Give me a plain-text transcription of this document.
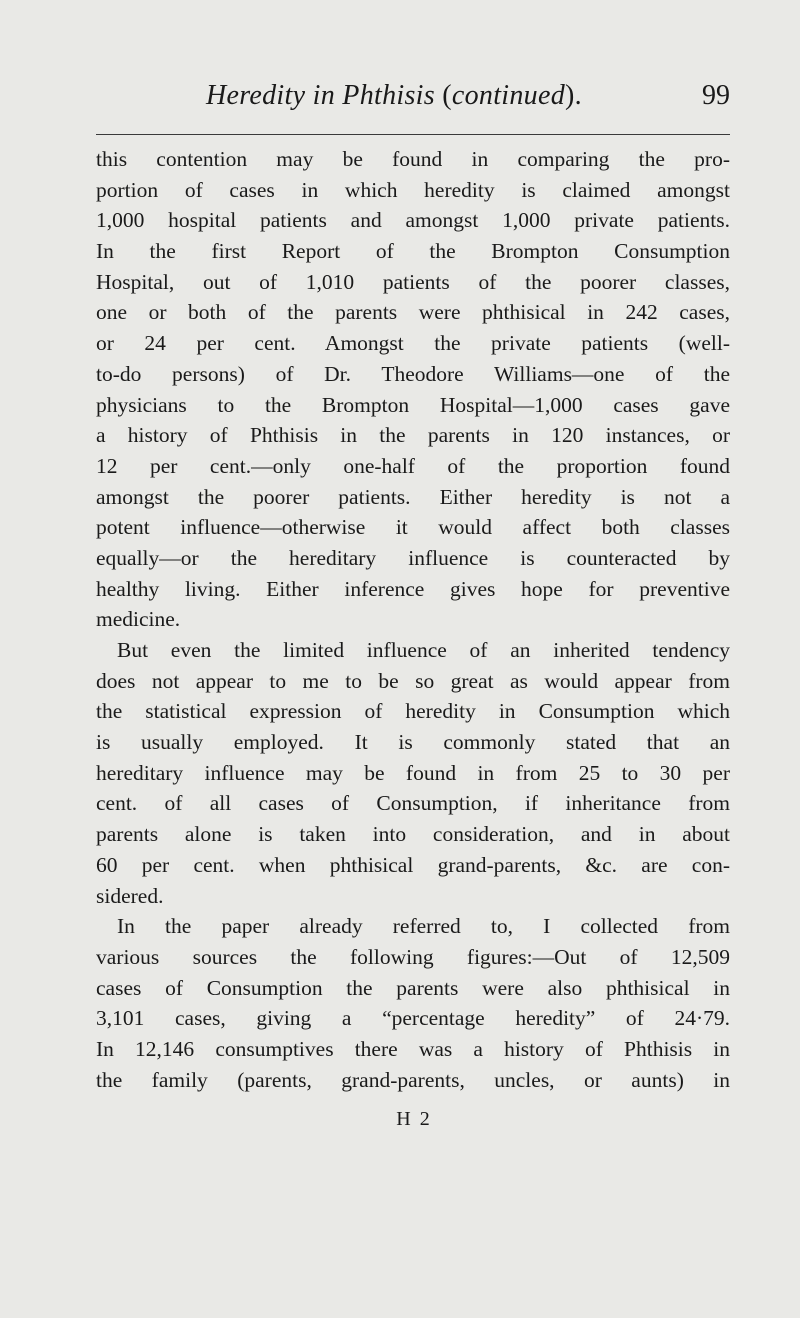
Heredity in Phthisis (continued).	99
this contention may be found in comparing the pro-
portion of cases in which heredity is claimed amongst
1,000 hospital patients and amongst 1,000 private patients.
In the first Report of the Brompton Consumption
Hospital, out of 1,010 patients of the poorer classes,
one or both of the parents were phthisical in 242 cases,
or 24 per cent. Amongst the private patients (well-
to-do persons) of Dr. Theodore Williams—one of the
physicians to the Brompton Hospital—1,000 cases gave
a history of Phthisis in the parents in 120 instances, or
12 per cent.—only one-half of the proportion found
amongst the poorer patients. Either heredity is not a
potent influence—otherwise it would affect both classes
equally—or the hereditary influence is counteracted by
healthy living. Either inference gives hope for preventive
medicine.
But even the limited influence of an inherited tendency
does not appear to me to be so great as would appear from
the statistical expression of heredity in Consumption which
is usually employed. It is commonly stated that an
hereditary influence may be found in from 25 to 30 per
cent. of all cases of Consumption, if inheritance from
parents alone is taken into consideration, and in about
60 per cent. when phthisical grand-parents, &c. are con-
sidered.
In the paper already referred to, I collected from
various sources the following figures:—Out of 12,509
cases of Consumption the parents were also phthisical in
3,101 cases, giving a “percentage heredity” of 24·79.
In 12,146 consumptives there was a history of Phthisis in
the family (parents, grand-parents, uncles, or aunts) in
H 2
